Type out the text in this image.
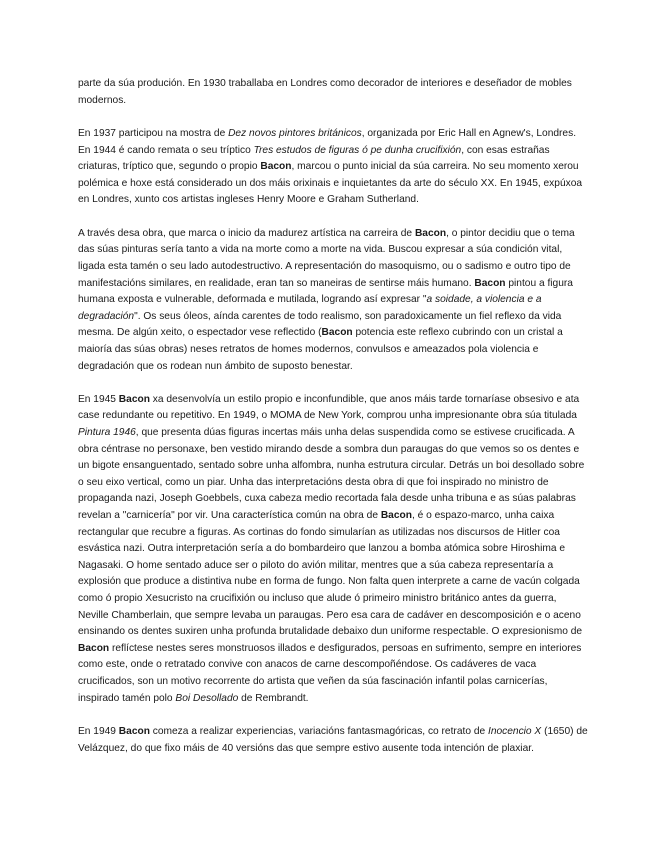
parte da súa produción. En 1930 traballaba en Londres como decorador de interiores e deseñador de mobles modernos.

En 1937 participou na mostra de Dez novos pintores británicos, organizada por Eric Hall en Agnew's, Londres. En 1944 é cando remata o seu tríptico Tres estudos de figuras ó pe dunha crucifixión, con esas estrañas criaturas, tríptico que, segundo o propio Bacon, marcou o punto inicial da súa carreira. No seu momento xerou polémica e hoxe está considerado un dos máis orixinais e inquietantes da arte do século XX. En 1945, expúxoa en Londres, xunto cos artistas ingleses Henry Moore e Graham Sutherland.

A través desa obra, que marca o inicio da madurez artística na carreira de Bacon, o pintor decidiu que o tema das súas pinturas sería tanto a vida na morte como a morte na vida. Buscou expresar a súa condición vital, ligada esta tamén o seu lado autodestructivo. A representación do masoquismo, ou o sadismo e outro tipo de manifestacións similares, en realidade, eran tan so maneiras de sentirse máis humano. Bacon pintou a figura humana exposta e vulnerable, deformada e mutilada, logrando así expresar "a soidade, a violencia e a degradación". Os seus óleos, aínda carentes de todo realismo, son paradoxicamente un fiel reflexo da vida mesma. De algún xeito, o espectador vese reflectido (Bacon potencia este reflexo cubrindo con un cristal a maioría das súas obras) neses retratos de homes modernos, convulsos e ameazados pola violencia e degradación que os rodean nun ámbito de suposto benestar.

En 1945 Bacon xa desenvolvía un estilo propio e inconfundible, que anos máis tarde tornaríase obsesivo e ata case redundante ou repetitivo. En 1949, o MOMA de New York, comprou unha impresionante obra súa titulada Pintura 1946, que presenta dúas figuras incertas máis unha delas suspendida como se estivese crucificada. A obra céntrase no personaxe, ben vestido mirando desde a sombra dun paraugas do que vemos so os dentes e un bigote ensanguentado, sentado sobre unha alfombra, nunha estrutura circular. Detrás un boi desollado sobre o seu eixo vertical, como un piar. Unha das interpretacións desta obra di que foi inspirado no ministro de propaganda nazi, Joseph Goebbels, cuxa cabeza medio recortada fala desde unha tribuna e as súas palabras revelan a "carnicería" por vir. Una característica común na obra de Bacon, é o espazo-marco, unha caixa rectangular que recubre a figuras. As cortinas do fondo simularían as utilizadas nos discursos de Hitler coa esvástica nazi. Outra interpretación sería a do bombardeiro que lanzou a bomba atómica sobre Hiroshima e Nagasaki. O home sentado aduce ser o piloto do avión militar, mentres que a súa cabeza representaría a explosión que produce a distintiva nube en forma de fungo. Non falta quen interprete a carne de vacún colgada como ó propio Xesucristo na crucifixión ou incluso que alude ó primeiro ministro británico antes da guerra, Neville Chamberlain, que sempre levaba un paraugas. Pero esa cara de cadáver en descomposición e o aceno ensinando os dentes suxiren unha profunda brutalidade debaixo dun uniforme respectable. O expresionismo de Bacon reflíctese nestes seres monstruosos illados e desfigurados, persoas en sufrimento, sempre en interiores como este, onde o retratado convive con anacos de carne descompoñéndose. Os cadáveres de vaca crucificados, son un motivo recorrente do artista que veñen da súa fascinación infantil polas carnicerías, inspirado tamén polo Boi Desollado de Rembrandt.

En 1949 Bacon comeza a realizar experiencias, variacións fantasmagóricas, co retrato de Inocencio X (1650) de Velázquez, do que fixo máis de 40 versións das que sempre estivo ausente toda intención de plaxiar.
